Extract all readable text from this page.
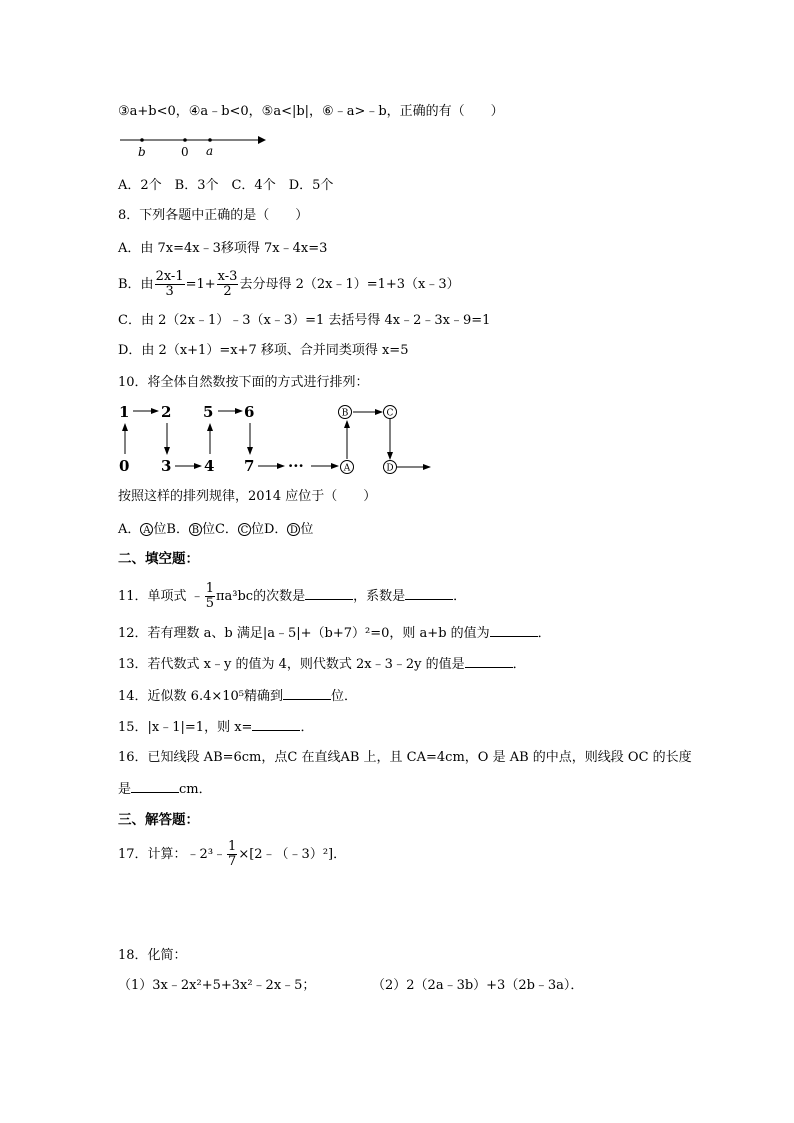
③a+b<0，④a﹣b<0，⑤a<|b|，⑥﹣a>﹣b，正确的有（　　）
b	0 a
A．2个　B．3个　C．4个　D．5个
8．下列各题中正确的是（　　）
A．由 7x=4x﹣3移项得 7x﹣4x=3
B．由 $\frac{2x-1}{3} =1+ \frac{x-3}{2}$ 去分母得 2（2x﹣1）=1+3（x﹣3）
C．由 2（2x﹣1）﹣3（x﹣3）=1 去括号得 4x﹣2﹣3x﹣9=1
D．由 2（x+1）=x+7 移项、合并同类项得 x=5
10．将全体自然数按下面的方式进行排列：
1 2 5 6
0 3 4 7 ···
B	C
A	D
按照这样的排列规律，2014 应位于（　　）
A． A 位B． B 位C． C 位D． D 位
二、填空题：
11．单项式 ﹣ $\frac{1}{5} \pi a^3bc$的次数是	，系数是	．
12．若有理数 a、b 满足|a﹣5|+（b+7）²=0，则 a+b 的值为	．
13．若代数式 x﹣y 的值为 4，则代数式 2x﹣3﹣2y 的值是	．
14．近似数 6.4×10⁵精确到	位．
15．|x﹣1|=1，则 x=	．
16．已知线段 AB=6cm，点C 在直线AB 上，且 CA=4cm，O 是 AB 的中点，则线段 OC 的长度
是	cm．
三、解答题：
17．计算：﹣2³﹣ $\frac{1}{7}$ ×[2﹣（﹣3）²]．
18．化简：
（1）3x﹣2x²+5+3x²﹣2x﹣5；	（2）2（2a﹣3b）+3（2b﹣3a）．
